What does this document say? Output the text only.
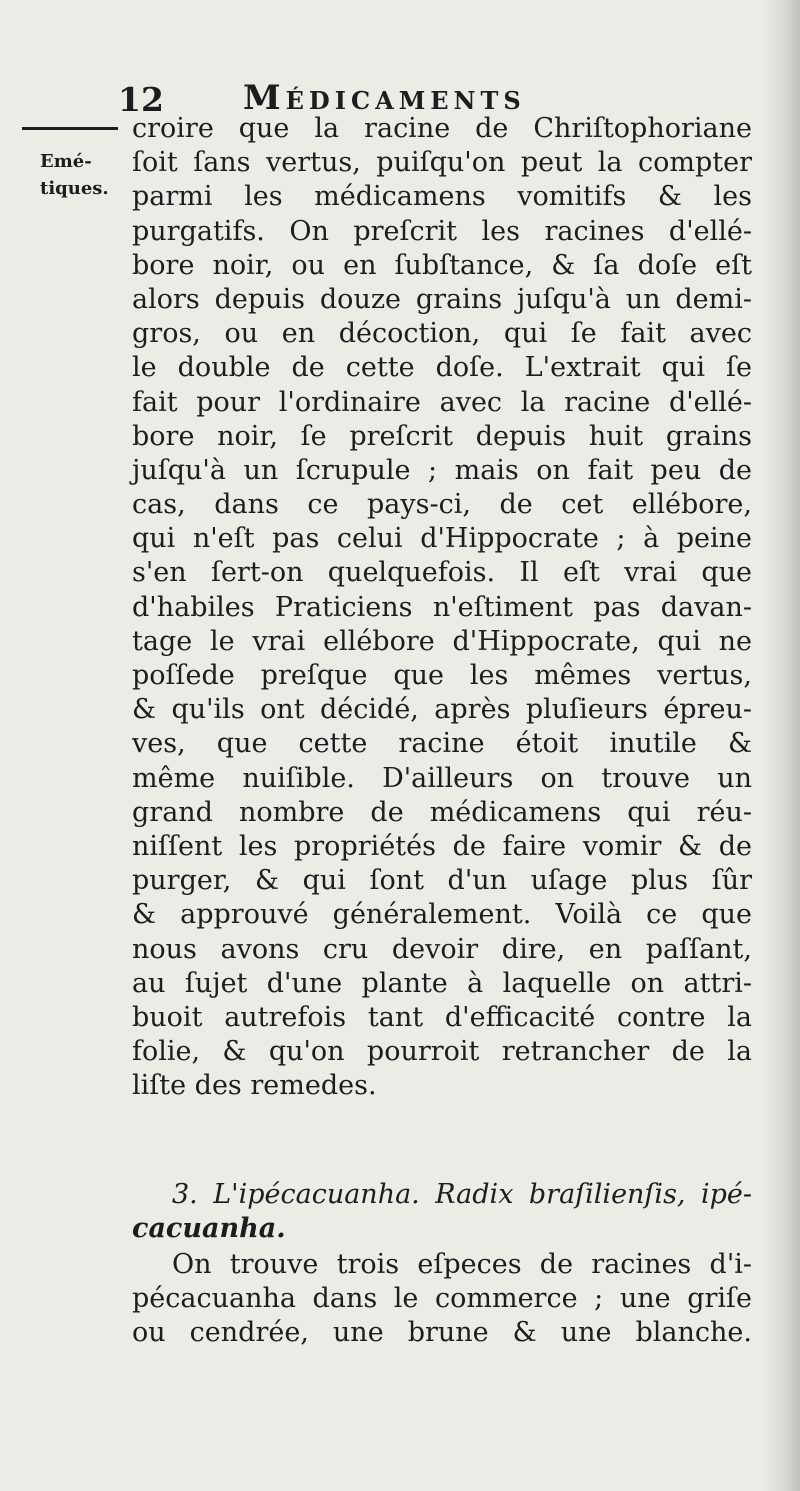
12 Médicaments
Emé-
tiques.
croire que la racine de Chriſtophoriane
ſoit ſans vertus, puiſqu'on peut la compter
parmi les médicamens vomitifs & les
purgatifs. On preſcrit les racines d'ellé-
bore noir, ou en ſubſtance, & ſa doſe eſt
alors depuis douze grains juſqu'à un demi-
gros, ou en décoction, qui ſe fait avec
le double de cette doſe. L'extrait qui ſe
fait pour l'ordinaire avec la racine d'ellé-
bore noir, ſe preſcrit depuis huit grains
juſqu'à un ſcrupule ; mais on fait peu de
cas, dans ce pays-ci, de cet ellébore,
qui n'eſt pas celui d'Hippocrate ; à peine
s'en ſert-on quelquefois. Il eſt vrai que
d'habiles Praticiens n'eſtiment pas davan-
tage le vrai ellébore d'Hippocrate, qui ne
poſſede preſque que les mêmes vertus,
& qu'ils ont décidé, après pluſieurs épreu-
ves, que cette racine étoit inutile &
même nuiſible. D'ailleurs on trouve un
grand nombre de médicamens qui réu-
niſſent les propriétés de faire vomir & de
purger, & qui ſont d'un uſage plus ſûr
& approuvé généralement. Voilà ce que
nous avons cru devoir dire, en paſſant,
au ſujet d'une plante à laquelle on attri-
buoit autrefois tant d'efficacité contre la
folie, & qu'on pourroit retrancher de la
liſte des remedes.
3. L'ipécacuanha. Radix braſilienſis, ipé-
cacuanha.
On trouve trois eſpeces de racines d'i-
pécacuanha dans le commerce ; une griſe
ou cendrée, une brune & une blanche.
